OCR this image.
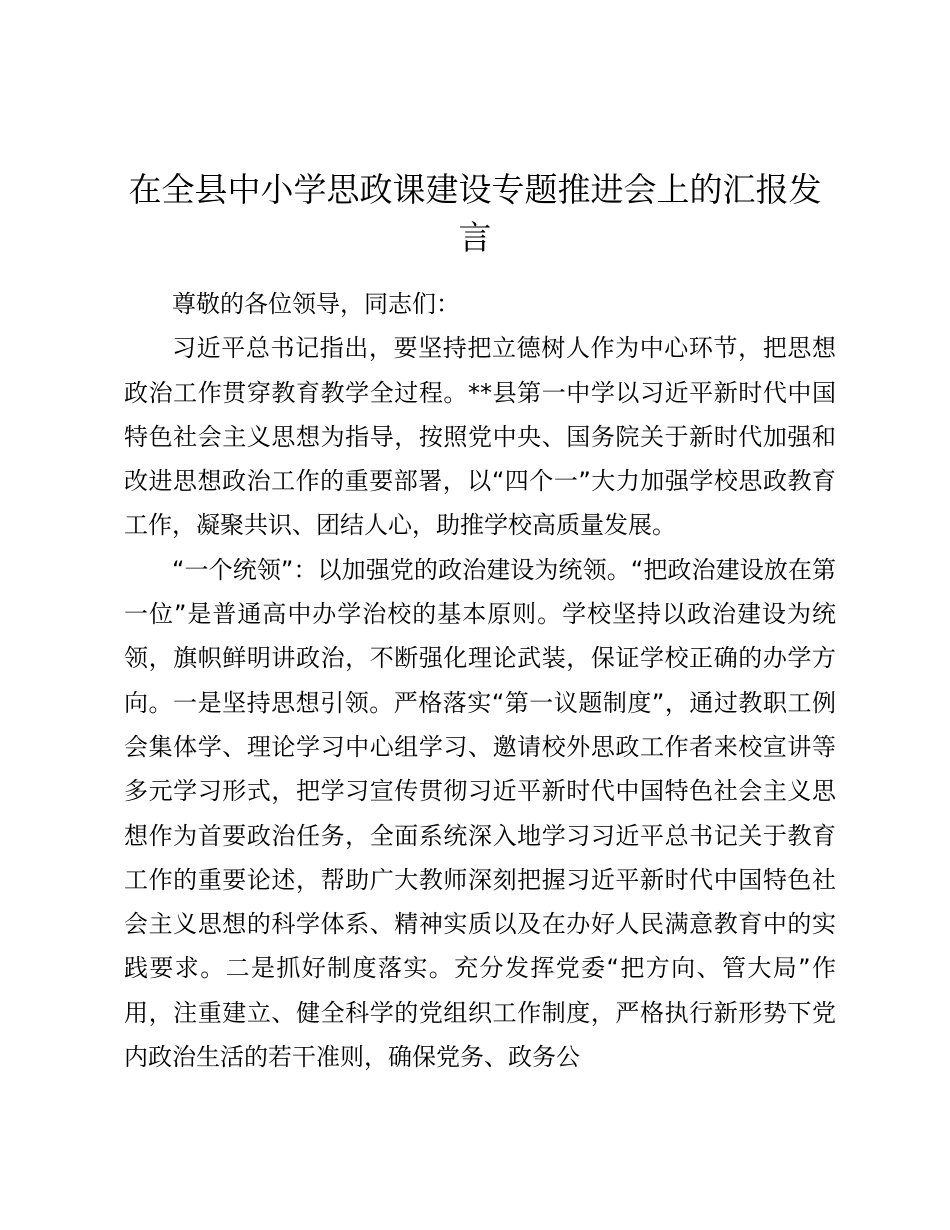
在全县中小学思政课建设专题推进会上的汇报发言

尊敬的各位领导，同志们：

习近平总书记指出，要坚持把立德树人作为中心环节，把思想政治工作贯穿教育教学全过程。**县第一中学以习近平新时代中国特色社会主义思想为指导，按照党中央、国务院关于新时代加强和改进思想政治工作的重要部署，以“四个一”大力加强学校思政教育工作，凝聚共识、团结人心，助推学校高质量发展。

“一个统领”：以加强党的政治建设为统领。“把政治建设放在第一位”是普通高中办学治校的基本原则。学校坚持以政治建设为统领，旗帜鲜明讲政治，不断强化理论武装，保证学校正确的办学方向。一是坚持思想引领。严格落实“第一议题制度”，通过教职工例会集体学、理论学习中心组学习、邀请校外思政工作者来校宣讲等多元学习形式，把学习宣传贯彻习近平新时代中国特色社会主义思想作为首要政治任务，全面系统深入地学习习近平总书记关于教育工作的重要论述，帮助广大教师深刻把握习近平新时代中国特色社会主义思想的科学体系、精神实质以及在办好人民满意教育中的实践要求。二是抓好制度落实。充分发挥党委“把方向、管大局”作用，注重建立、健全科学的党组织工作制度，严格执行新形势下党内政治生活的若干准则，确保党务、政务公
